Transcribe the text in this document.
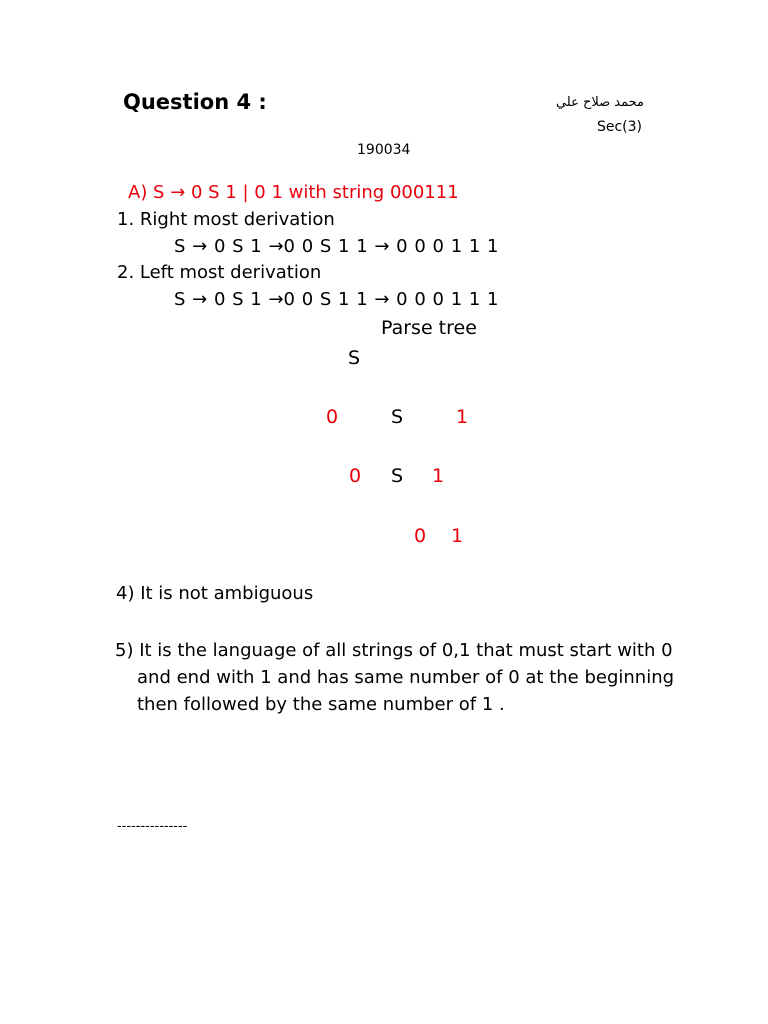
Question 4 :	محمد صلاح علي
Sec(3)
190034
A) S → 0 S 1 | 0 1 with string 000111
1. Right most derivation
S → 0 S 1 →0 0 S 1 1 → 0 0 0 1 1 1
2. Left most derivation
S → 0 S 1 →0 0 S 1 1 → 0 0 0 1 1 1
Parse tree
S
0	S	1
0 S 1
0 1
4) It is not ambiguous
5) It is the language of all strings of 0,1 that must start with 0 and end with 1 and has same number of 0 at the beginning then followed by the same number of 1 .
---------------
